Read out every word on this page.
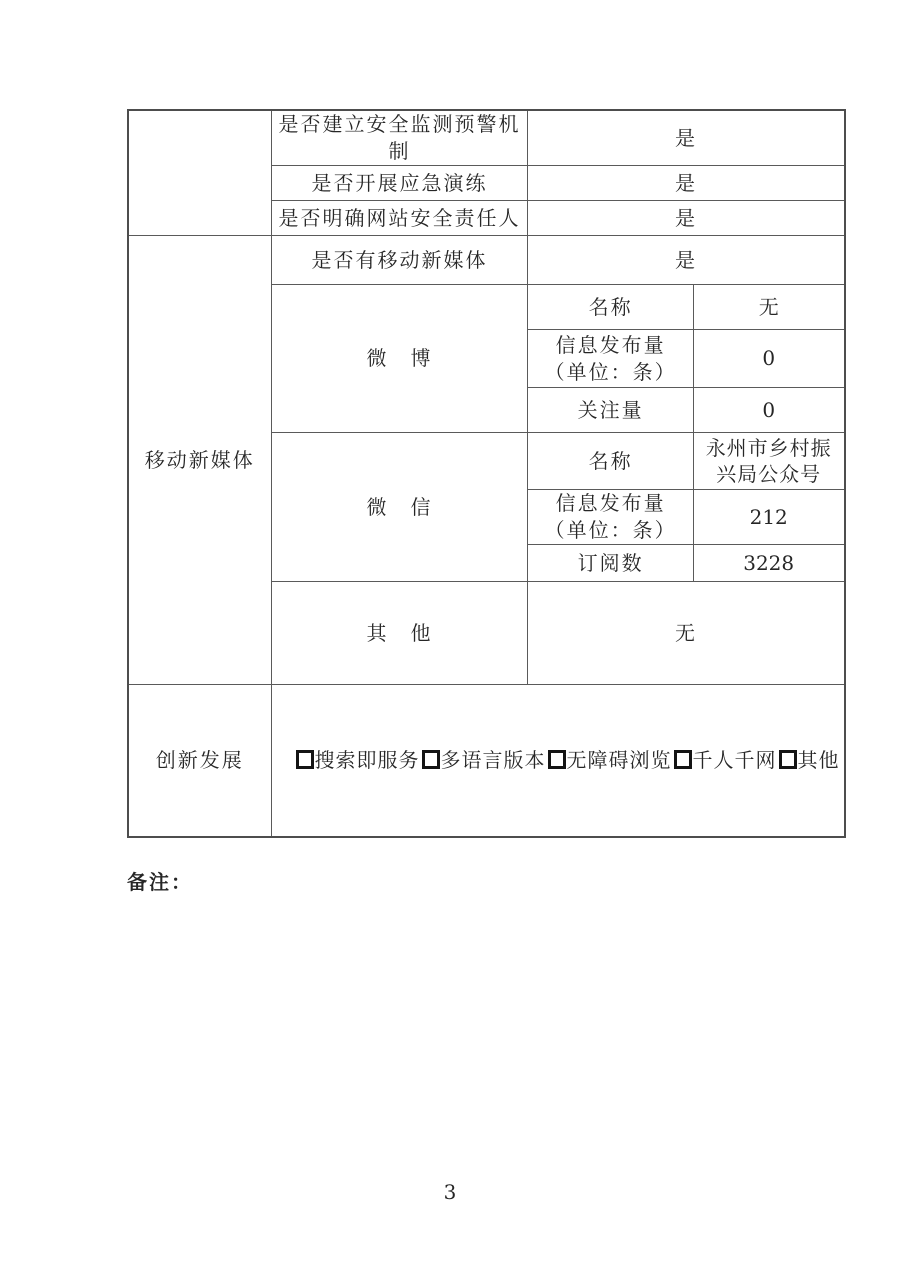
	是否建立安全监测预警机制	是	
	是否开展应急演练	是	
	是否明确网站安全责任人	是	
移动新媒体	是否有移动新媒体	是	
	微　博	名称	无
		信息发布量
（单位：条）	0
		关注量	0
	微　信	名称	永州市乡村振兴局公众号
		信息发布量
（单位：条）	212
		订阅数	3228
	其　他	无	
创新发展	搜索即服务 多语言版本 无障碍浏览 千人千网 其他		
备注：
3
